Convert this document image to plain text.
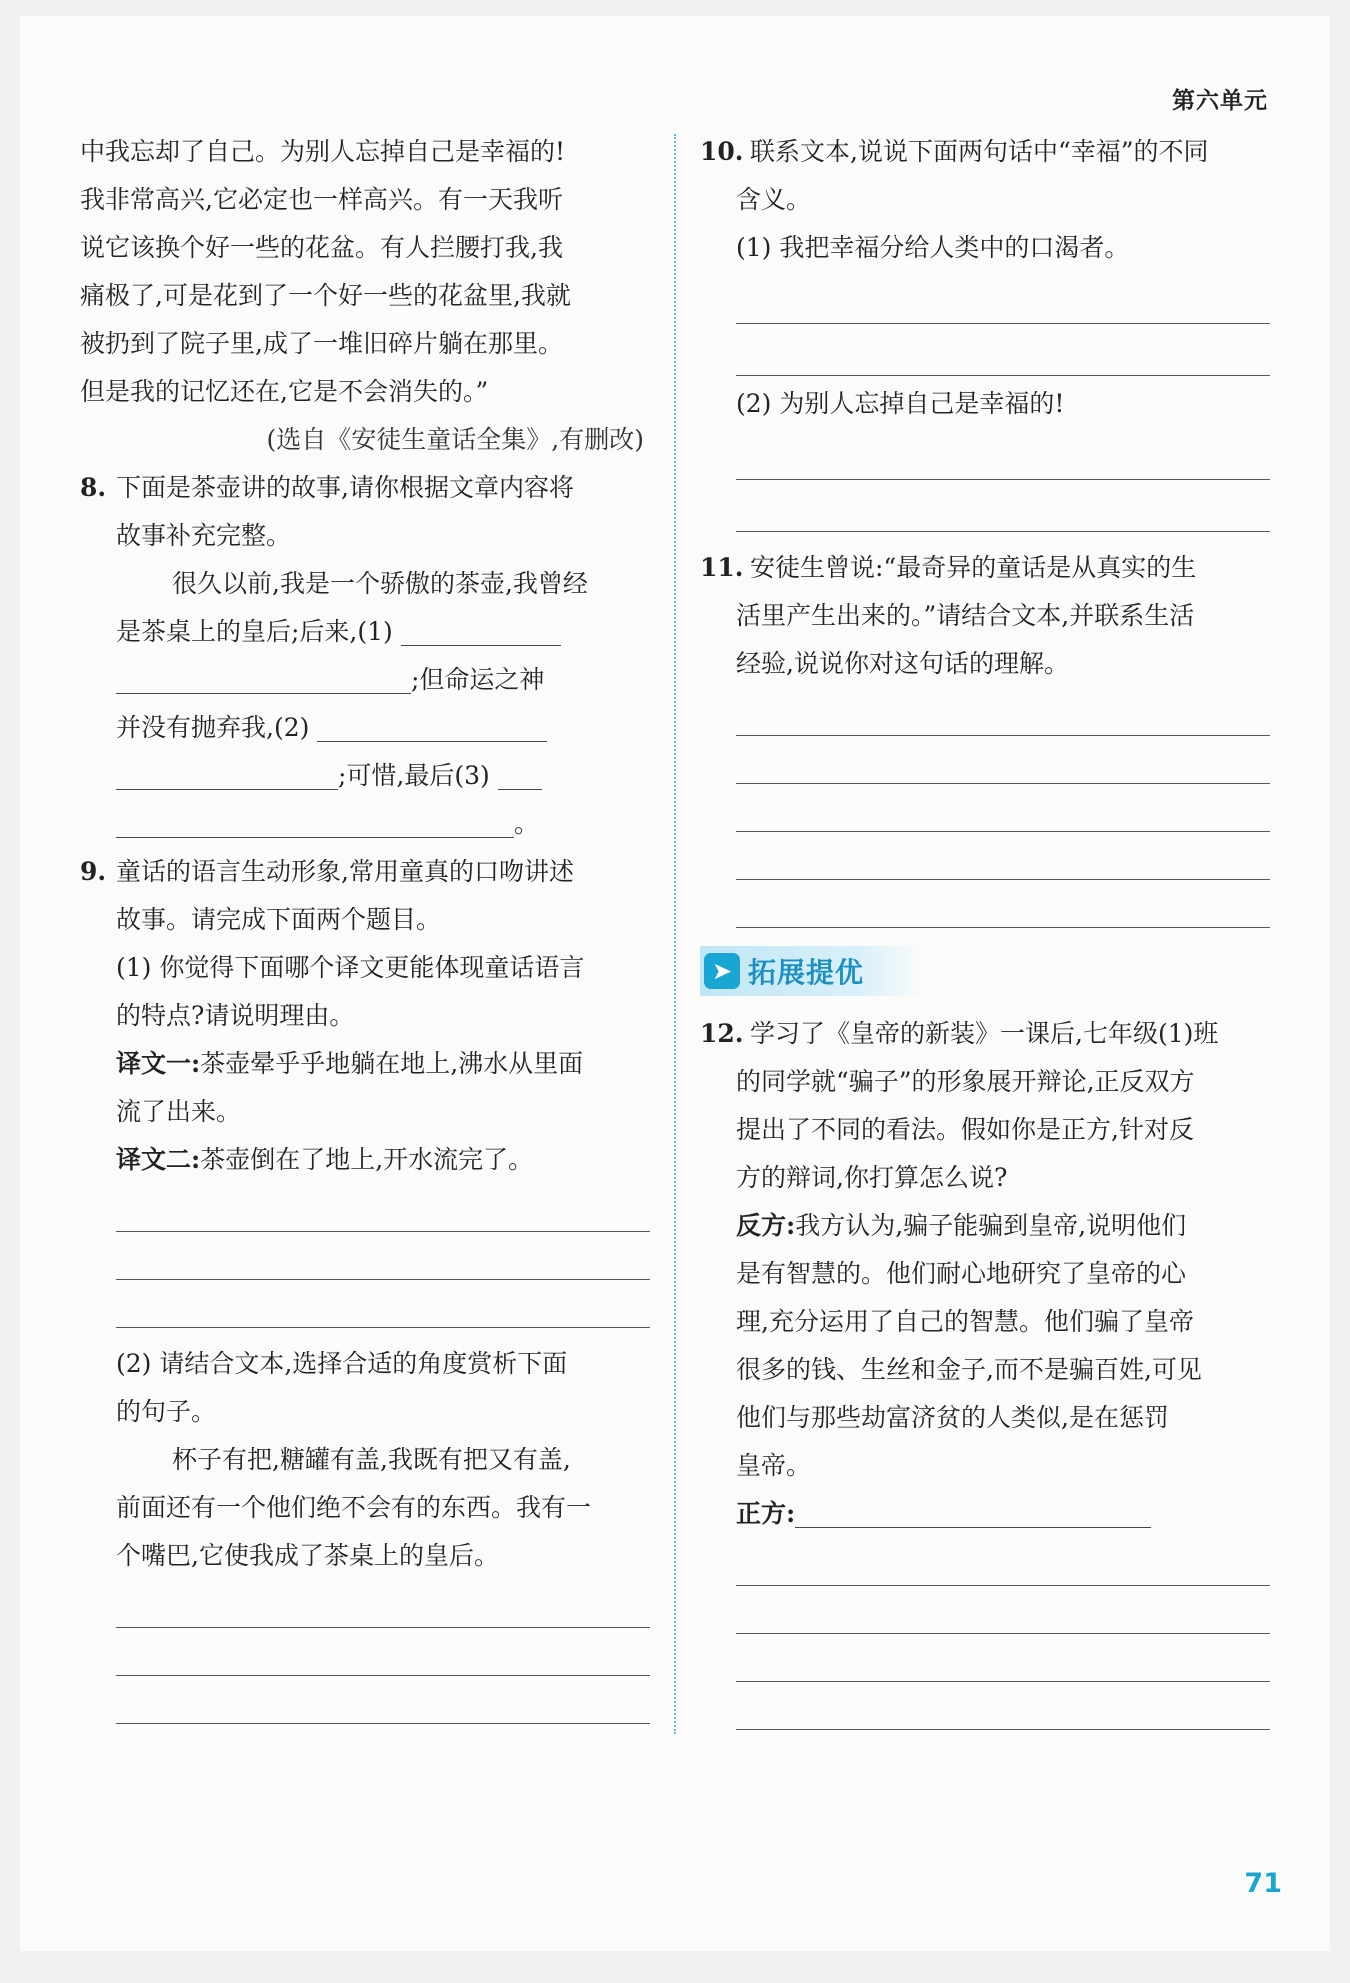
第六单元
中我忘却了自己。为别人忘掉自己是幸福的!
我非常高兴,它必定也一样高兴。有一天我听
说它该换个好一些的花盆。有人拦腰打我,我
痛极了,可是花到了一个好一些的花盆里,我就
被扔到了院子里,成了一堆旧碎片躺在那里。
但是我的记忆还在,它是不会消失的。”
(选自《安徒生童话全集》,有删改)
8. 下面是茶壶讲的故事,请你根据文章内容将
故事补充完整。
很久以前,我是一个骄傲的茶壶,我曾经
是茶桌上的皇后;后来,(1)
;但命运之神
并没有抛弃我,(2)
;可惜,最后(3)
。
9. 童话的语言生动形象,常用童真的口吻讲述
故事。请完成下面两个题目。
(1) 你觉得下面哪个译文更能体现童话语言
的特点?请说明理由。
译文一:茶壶晕乎乎地躺在地上,沸水从里面
流了出来。
译文二:茶壶倒在了地上,开水流完了。
(2) 请结合文本,选择合适的角度赏析下面
的句子。
杯子有把,糖罐有盖,我既有把又有盖,
前面还有一个他们绝不会有的东西。我有一
个嘴巴,它使我成了茶桌上的皇后。
10. 联系文本,说说下面两句话中“幸福”的不同
含义。
(1) 我把幸福分给人类中的口渴者。
(2) 为别人忘掉自己是幸福的!
11. 安徒生曾说:“最奇异的童话是从真实的生
活里产生出来的。”请结合文本,并联系生活
经验,说说你对这句话的理解。
➤ 拓展提优
12. 学习了《皇帝的新装》一课后,七年级(1)班
的同学就“骗子”的形象展开辩论,正反双方
提出了不同的看法。假如你是正方,针对反
方的辩词,你打算怎么说?
反方:我方认为,骗子能骗到皇帝,说明他们
是有智慧的。他们耐心地研究了皇帝的心
理,充分运用了自己的智慧。他们骗了皇帝
很多的钱、生丝和金子,而不是骗百姓,可见
他们与那些劫富济贫的人类似,是在惩罚
皇帝。
正方:
71
